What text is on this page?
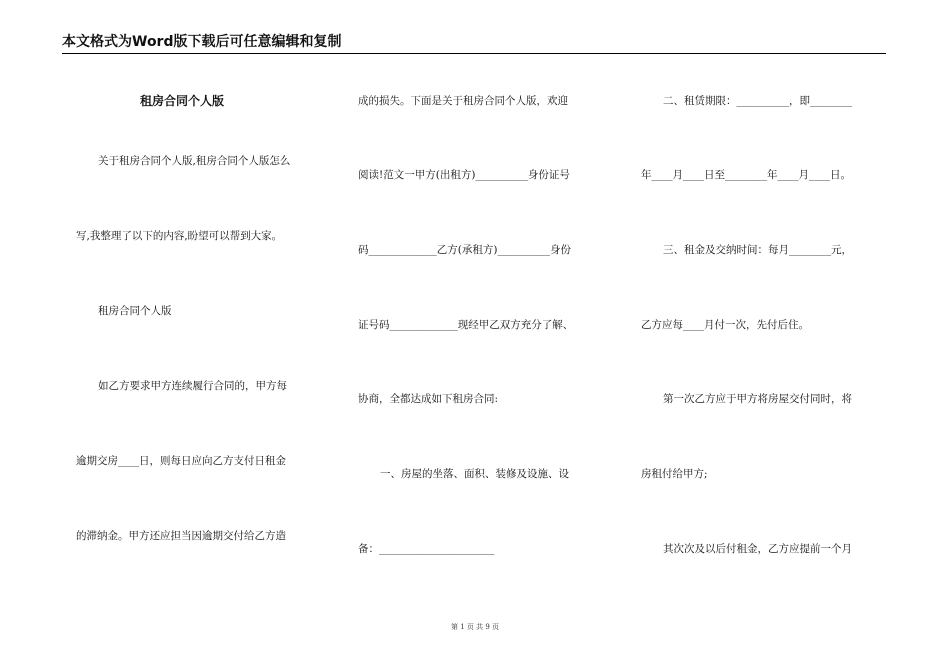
本文格式为Word版下载后可任意编辑和复制
租房合同个人版
关于租房合同个人版,租房合同个人版怎么
写,我整理了以下的内容,盼望可以帮到大家。
租房合同个人版
如乙方要求甲方连续履行合同的，甲方每
逾期交房____日，则每日应向乙方支付日租金
的滞纳金。甲方还应担当因逾期交付给乙方造
成的损失。下面是关于租房合同个人版，欢迎
阅读!范文一甲方(出租方)__________身份证号
码_____________乙方(承租方)__________身份
证号码_____________现经甲乙双方充分了解、
协商，全都达成如下租房合同:
一、房屋的坐落、面积、装修及设施、设
备：______________________
二、租赁期限：__________，即________
年____月____日至________年____月____日。
三、租金及交纳时间：每月________元，
乙方应每____月付一次，先付后住。
第一次乙方应于甲方将房屋交付同时，将
房租付给甲方;
其次次及以后付租金，乙方应提前一个月
第 1 页 共 9 页
